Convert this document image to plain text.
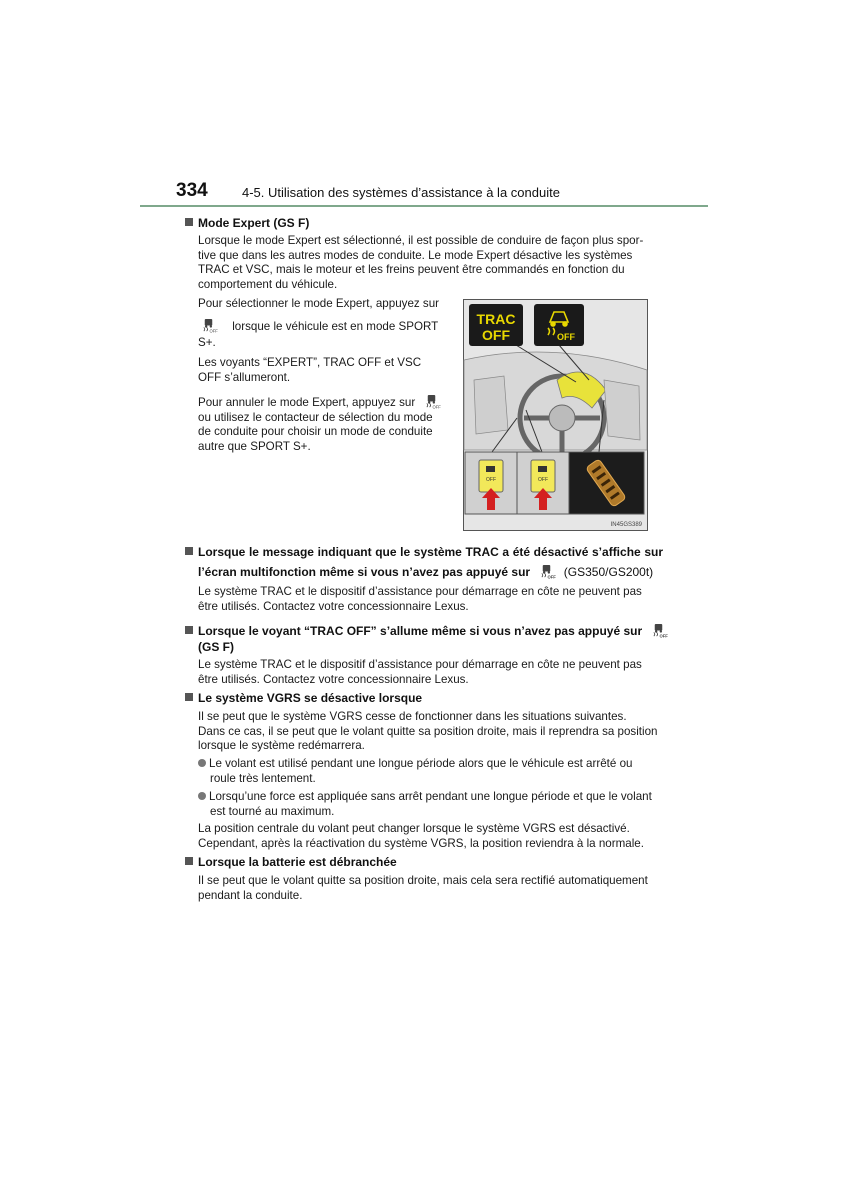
334	4-5. Utilisation des systèmes d’assistance à la conduite
Mode Expert (GS F)
Lorsque le mode Expert est sélectionné, il est possible de conduire de façon plus spor-
tive que dans les autres modes de conduite. Le mode Expert désactive les systèmes
TRAC et VSC, mais le moteur et les freins peuvent être commandés en fonction du
comportement du véhicule.
Pour sélectionner le mode Expert, appuyez sur
OFF lorsque le véhicule est en mode SPORT
S+.
Les voyants “EXPERT”, TRAC OFF et VSC
OFF s’allumeront.
Pour annuler le mode Expert, appuyez sur	OFF
ou utilisez le contacteur de sélection du mode
de conduite pour choisir un mode de conduite
autre que SPORT S+.
TRAC
OFF	OFF
OFF	OFF
IN45GS389
Lorsque le message indiquant que le système TRAC a été désactivé s’affiche sur
l’écran multifonction même si vous n’avez pas appuyé sur	OFF (GS350/GS200t)
Le système TRAC et le dispositif d’assistance pour démarrage en côte ne peuvent pas
être utilisés. Contactez votre concessionnaire Lexus.
Lorsque le voyant “TRAC OFF” s’allume même si vous n’avez pas appuyé sur	OFF
(GS F)
Le système TRAC et le dispositif d’assistance pour démarrage en côte ne peuvent pas
être utilisés. Contactez votre concessionnaire Lexus.
Le système VGRS se désactive lorsque
Il se peut que le système VGRS cesse de fonctionner dans les situations suivantes.
Dans ce cas, il se peut que le volant quitte sa position droite, mais il reprendra sa position
lorsque le système redémarrera.
Le volant est utilisé pendant une longue période alors que le véhicule est arrêté ou
roule très lentement.
Lorsqu’une force est appliquée sans arrêt pendant une longue période et que le volant
est tourné au maximum.
La position centrale du volant peut changer lorsque le système VGRS est désactivé.
Cependant, après la réactivation du système VGRS, la position reviendra à la normale.
Lorsque la batterie est débranchée
Il se peut que le volant quitte sa position droite, mais cela sera rectifié automatiquement
pendant la conduite.
